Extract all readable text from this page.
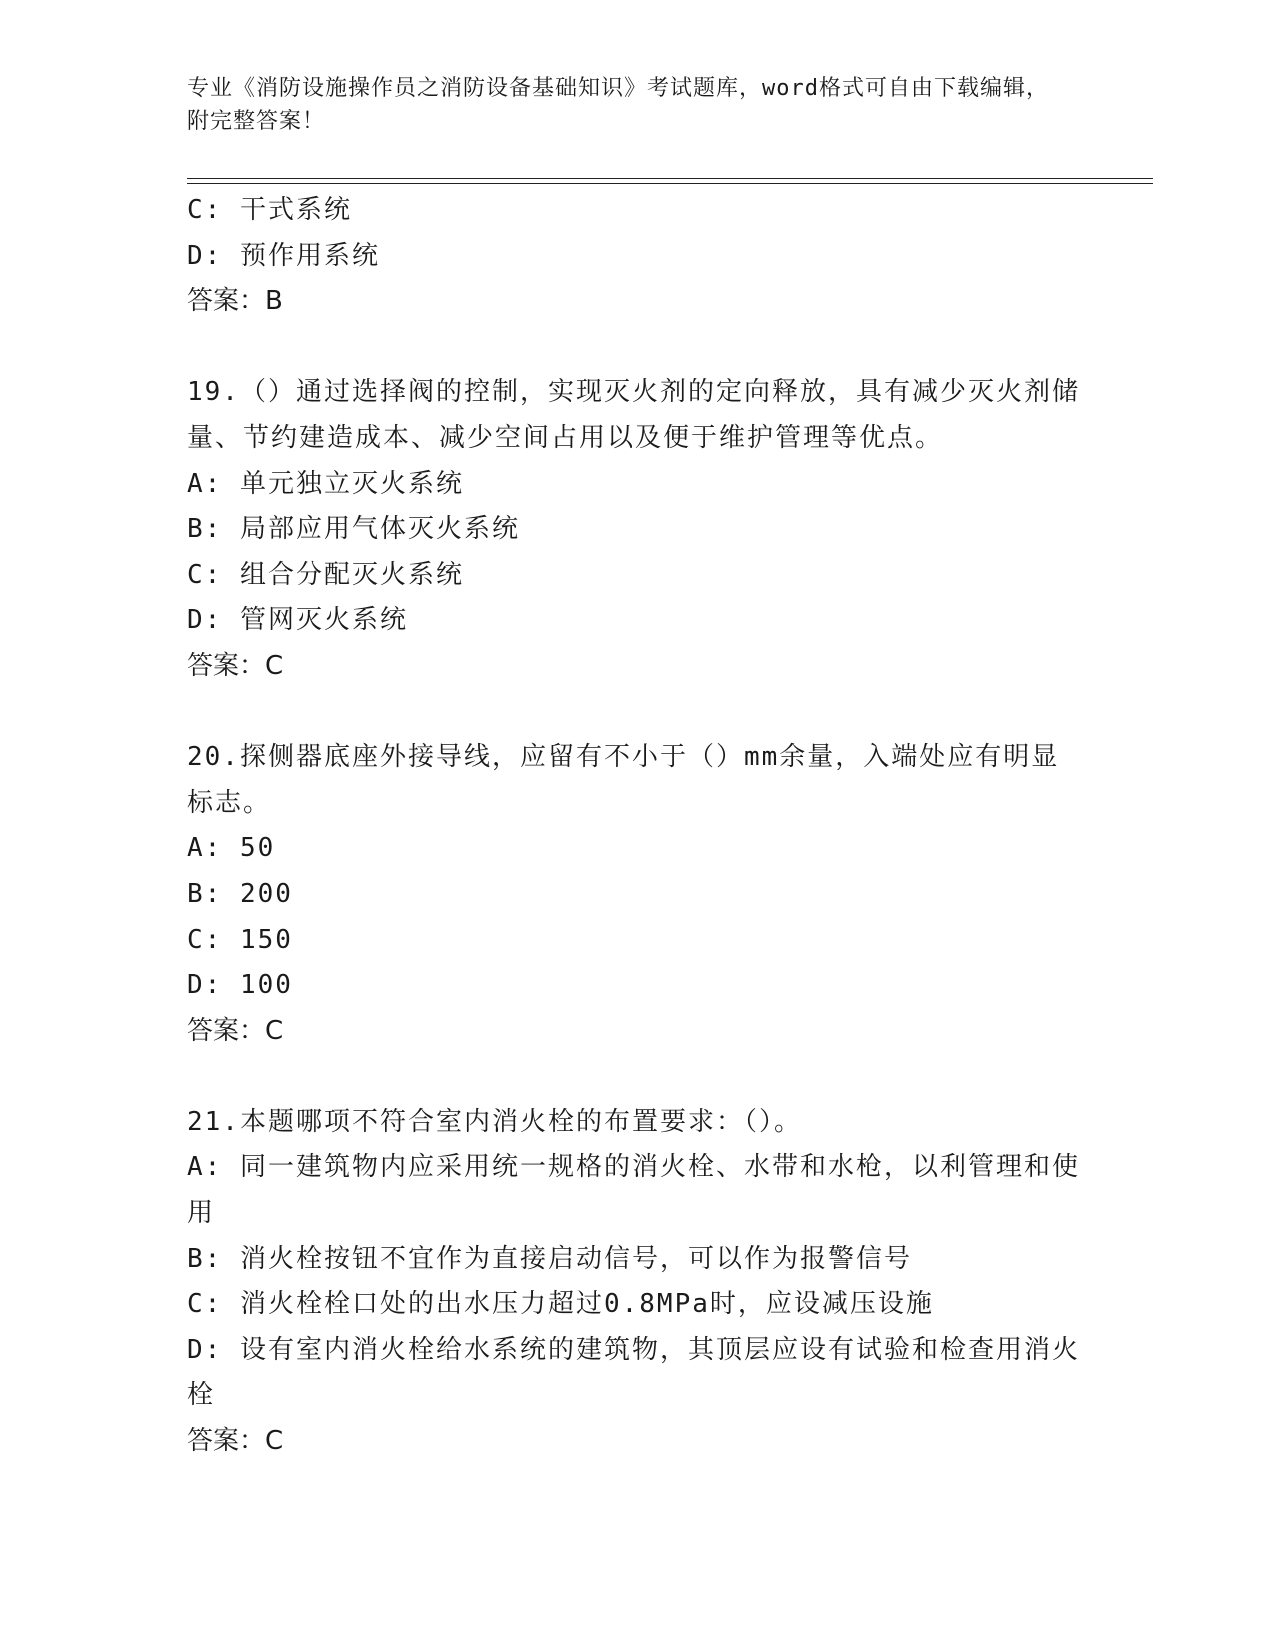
专业《消防设施操作员之消防设备基础知识》考试题库，word格式可自由下载编辑，附完整答案！

C: 干式系统

D: 预作用系统

答案：B

19.（）通过选择阀的控制，实现灭火剂的定向释放，具有减少灭火剂储量、节约建造成本、减少空间占用以及便于维护管理等优点。

A: 单元独立灭火系统

B: 局部应用气体灭火系统

C: 组合分配灭火系统

D: 管网灭火系统

答案：C

20.探侧器底座外接导线，应留有不小于（）mm余量，入端处应有明显标志。

A: 50

B: 200

C: 150

D: 100

答案：C

21.本题哪项不符合室内消火栓的布置要求：（）。

A: 同一建筑物内应采用统一规格的消火栓、水带和水枪，以利管理和使用

B: 消火栓按钮不宜作为直接启动信号，可以作为报警信号

C: 消火栓栓口处的出水压力超过0.8MPa时，应设减压设施

D: 设有室内消火栓给水系统的建筑物，其顶层应设有试验和检查用消火栓

答案：C
